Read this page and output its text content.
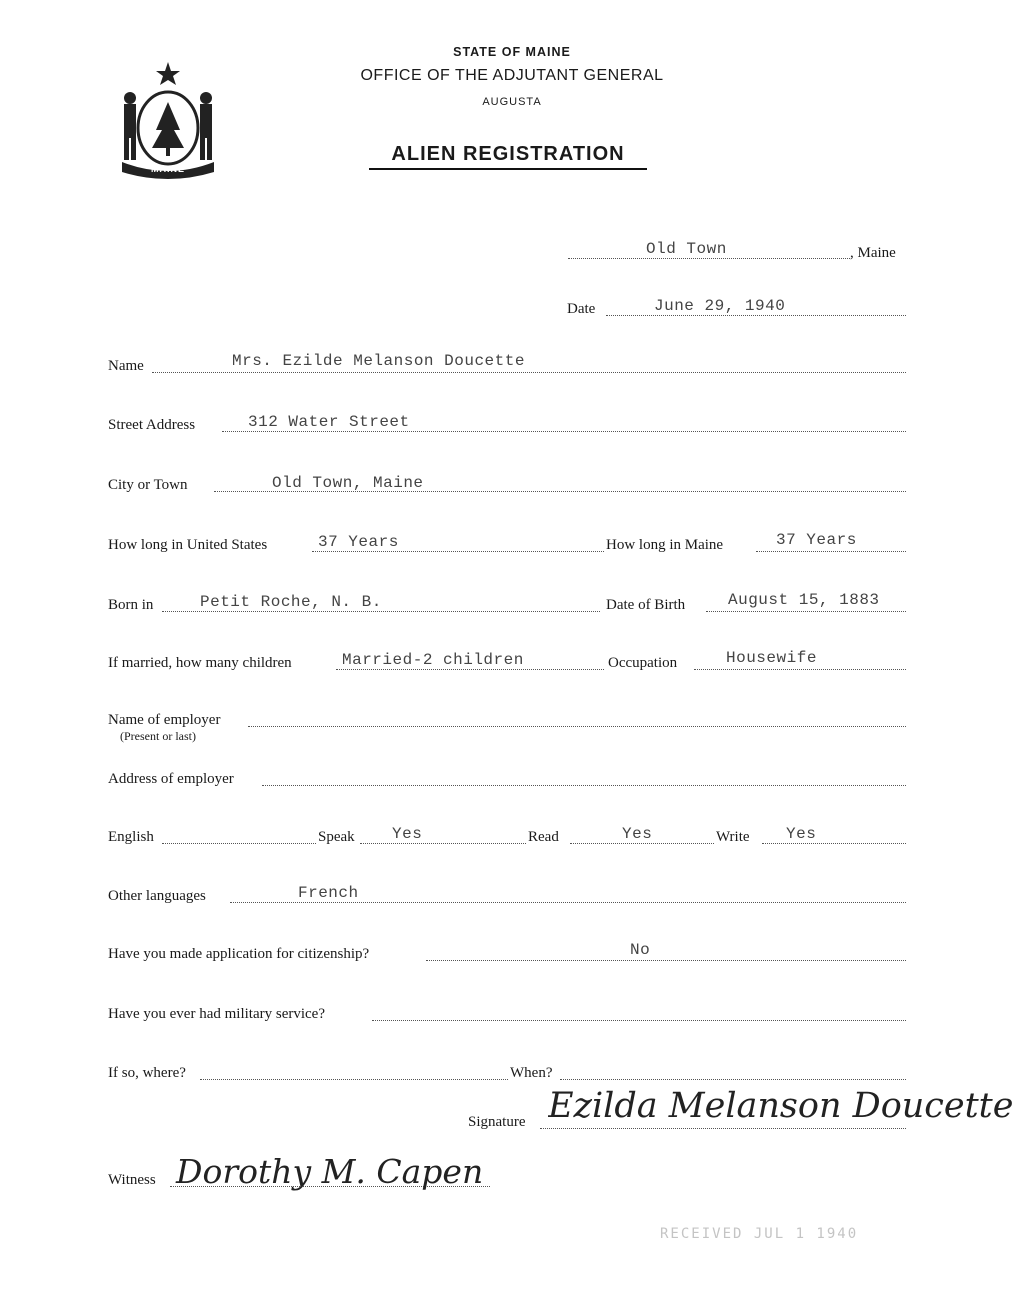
MAINE
STATE OF MAINE
OFFICE OF THE ADJUTANT GENERAL
AUGUSTA
ALIEN REGISTRATION
Old Town	, Maine
Date	June 29, 1940
Name	Mrs. Ezilde Melanson Doucette
Street Address	312 Water Street
City or Town	Old Town, Maine
How long in United States	37 Years	How long in Maine	37 Years
Born in	Petit Roche, N. B.	Date of Birth	August 15, 1883
If married, how many children	Married-2 children	Occupation	Housewife
Name of employer
(Present or last)
Address of employer
English	Speak Yes	Read	Yes	Write Yes
Other languages	French
Have you made application for citizenship?	No
Have you ever had military service?
If so, where?	When?
Signature Ezilda Melanson Doucette
Witness Dorothy M. Capen
RECEIVED JUL 1 1940
